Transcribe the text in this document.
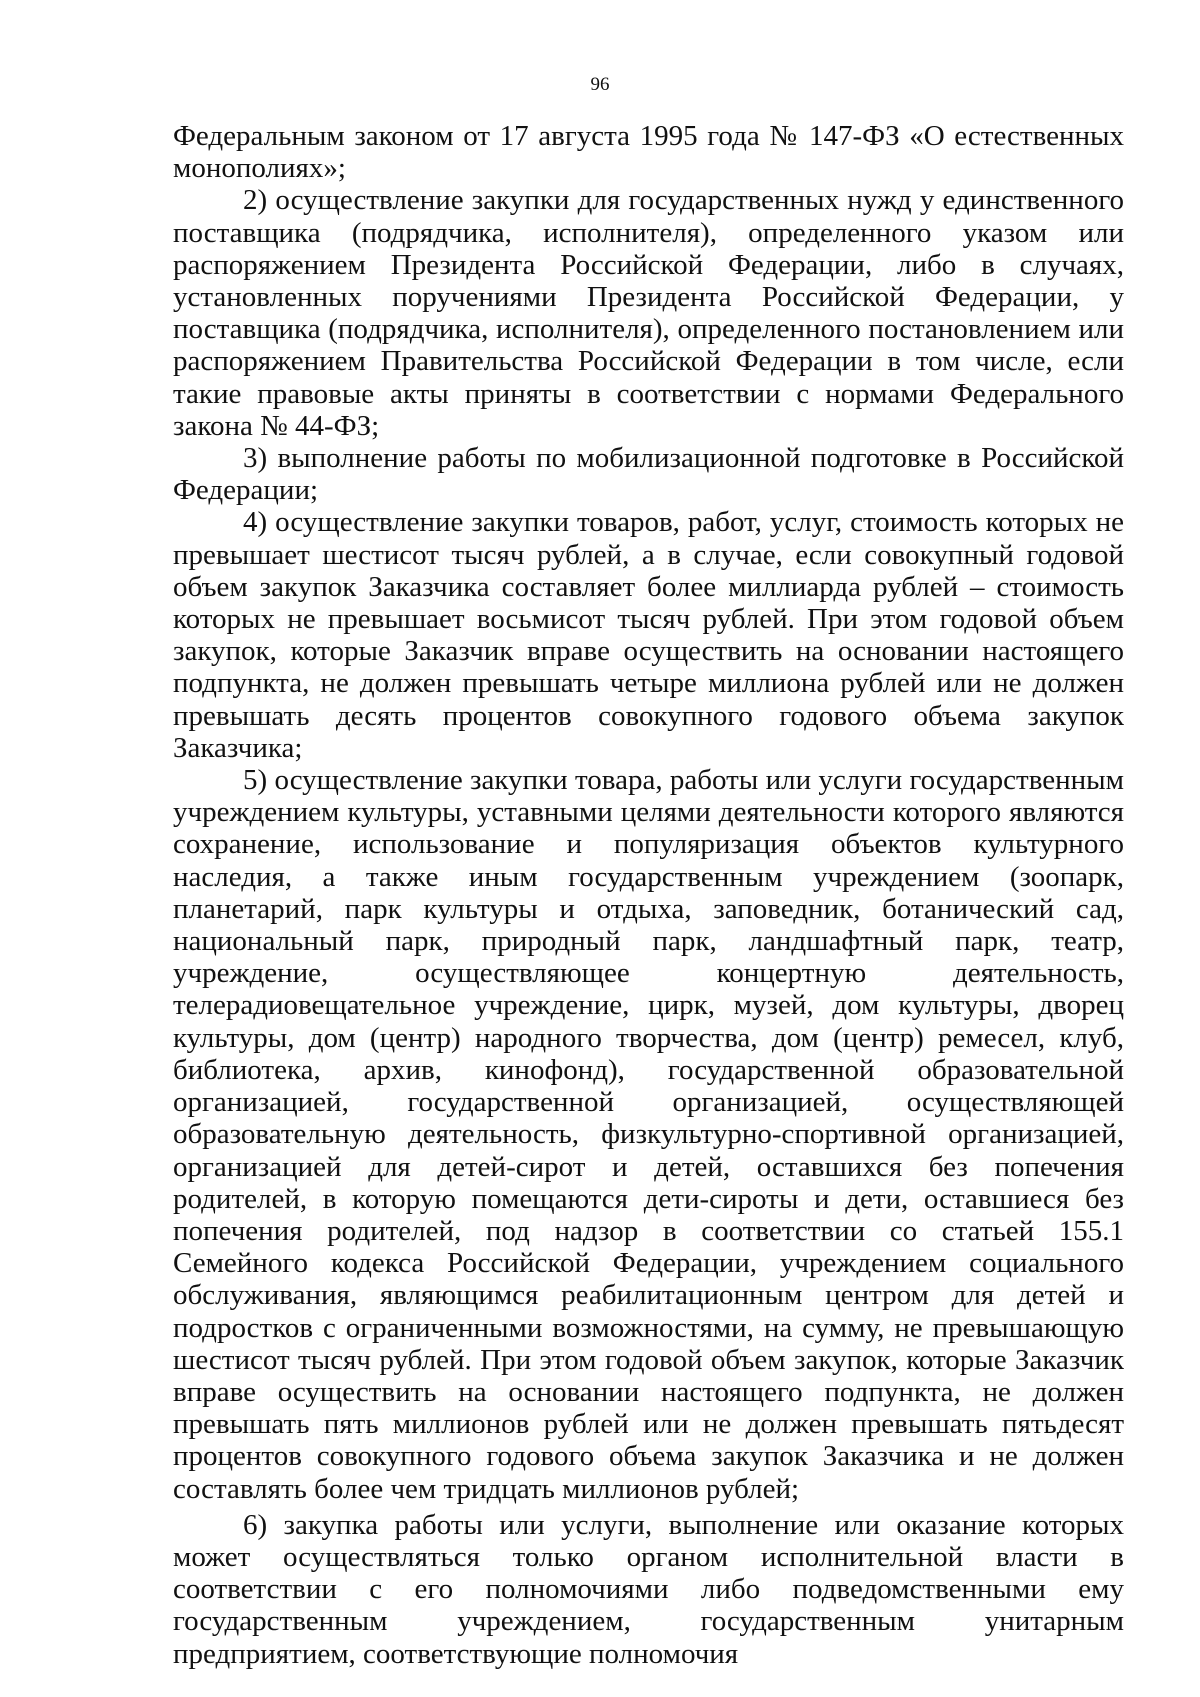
96

Федеральным законом от 17 августа 1995 года № 147-ФЗ «О естественных монополиях»;

2) осуществление закупки для государственных нужд у единственного поставщика (подрядчика, исполнителя), определенного указом или распоряжением Президента Российской Федерации, либо в случаях, установленных поручениями Президента Российской Федерации, у поставщика (подрядчика, исполнителя), определенного постановлением или распоряжением Правительства Российской Федерации в том числе, если такие правовые акты приняты в соответствии с нормами Федерального закона № 44-ФЗ;

3) выполнение работы по мобилизационной подготовке в Российской Федерации;

4) осуществление закупки товаров, работ, услуг, стоимость которых не превышает шестисот тысяч рублей, а в случае, если совокупный годовой объем закупок Заказчика составляет более миллиарда рублей – стоимость которых не превышает восьмисот тысяч рублей. При этом годовой объем закупок, которые Заказчик вправе осуществить на основании настоящего подпункта, не должен превышать четыре миллиона рублей или не должен превышать десять процентов совокупного годового объема закупок Заказчика;

5) осуществление закупки товара, работы или услуги государственным учреждением культуры, уставными целями деятельности которого являются сохранение, использование и популяризация объектов культурного наследия, а также иным государственным учреждением (зоопарк, планетарий, парк культуры и отдыха, заповедник, ботанический сад, национальный парк, природный парк, ландшафтный парк, театр, учреждение, осуществляющее концертную деятельность, телерадиовещательное учреждение, цирк, музей, дом культуры, дворец культуры, дом (центр) народного творчества, дом (центр) ремесел, клуб, библиотека, архив, кинофонд), государственной образовательной организацией, государственной организацией, осуществляющей образовательную деятельность, физкультурно-спортивной организацией, организацией для детей-сирот и детей, оставшихся без попечения родителей, в которую помещаются дети-сироты и дети, оставшиеся без попечения родителей, под надзор в соответствии со статьей 155.1 Семейного кодекса Российской Федерации, учреждением социального обслуживания, являющимся реабилитационным центром для детей и подростков с ограниченными возможностями, на сумму, не превышающую шестисот тысяч рублей. При этом годовой объем закупок, которые Заказчик вправе осуществить на основании настоящего подпункта, не должен превышать пять миллионов рублей или не должен превышать пятьдесят процентов совокупного годового объема закупок Заказчика и не должен составлять более чем тридцать миллионов рублей;

6) закупка работы или услуги, выполнение или оказание которых может осуществляться только органом исполнительной власти в соответствии с его полномочиями либо подведомственными ему государственным учреждением, государственным унитарным предприятием, соответствующие полномочия
